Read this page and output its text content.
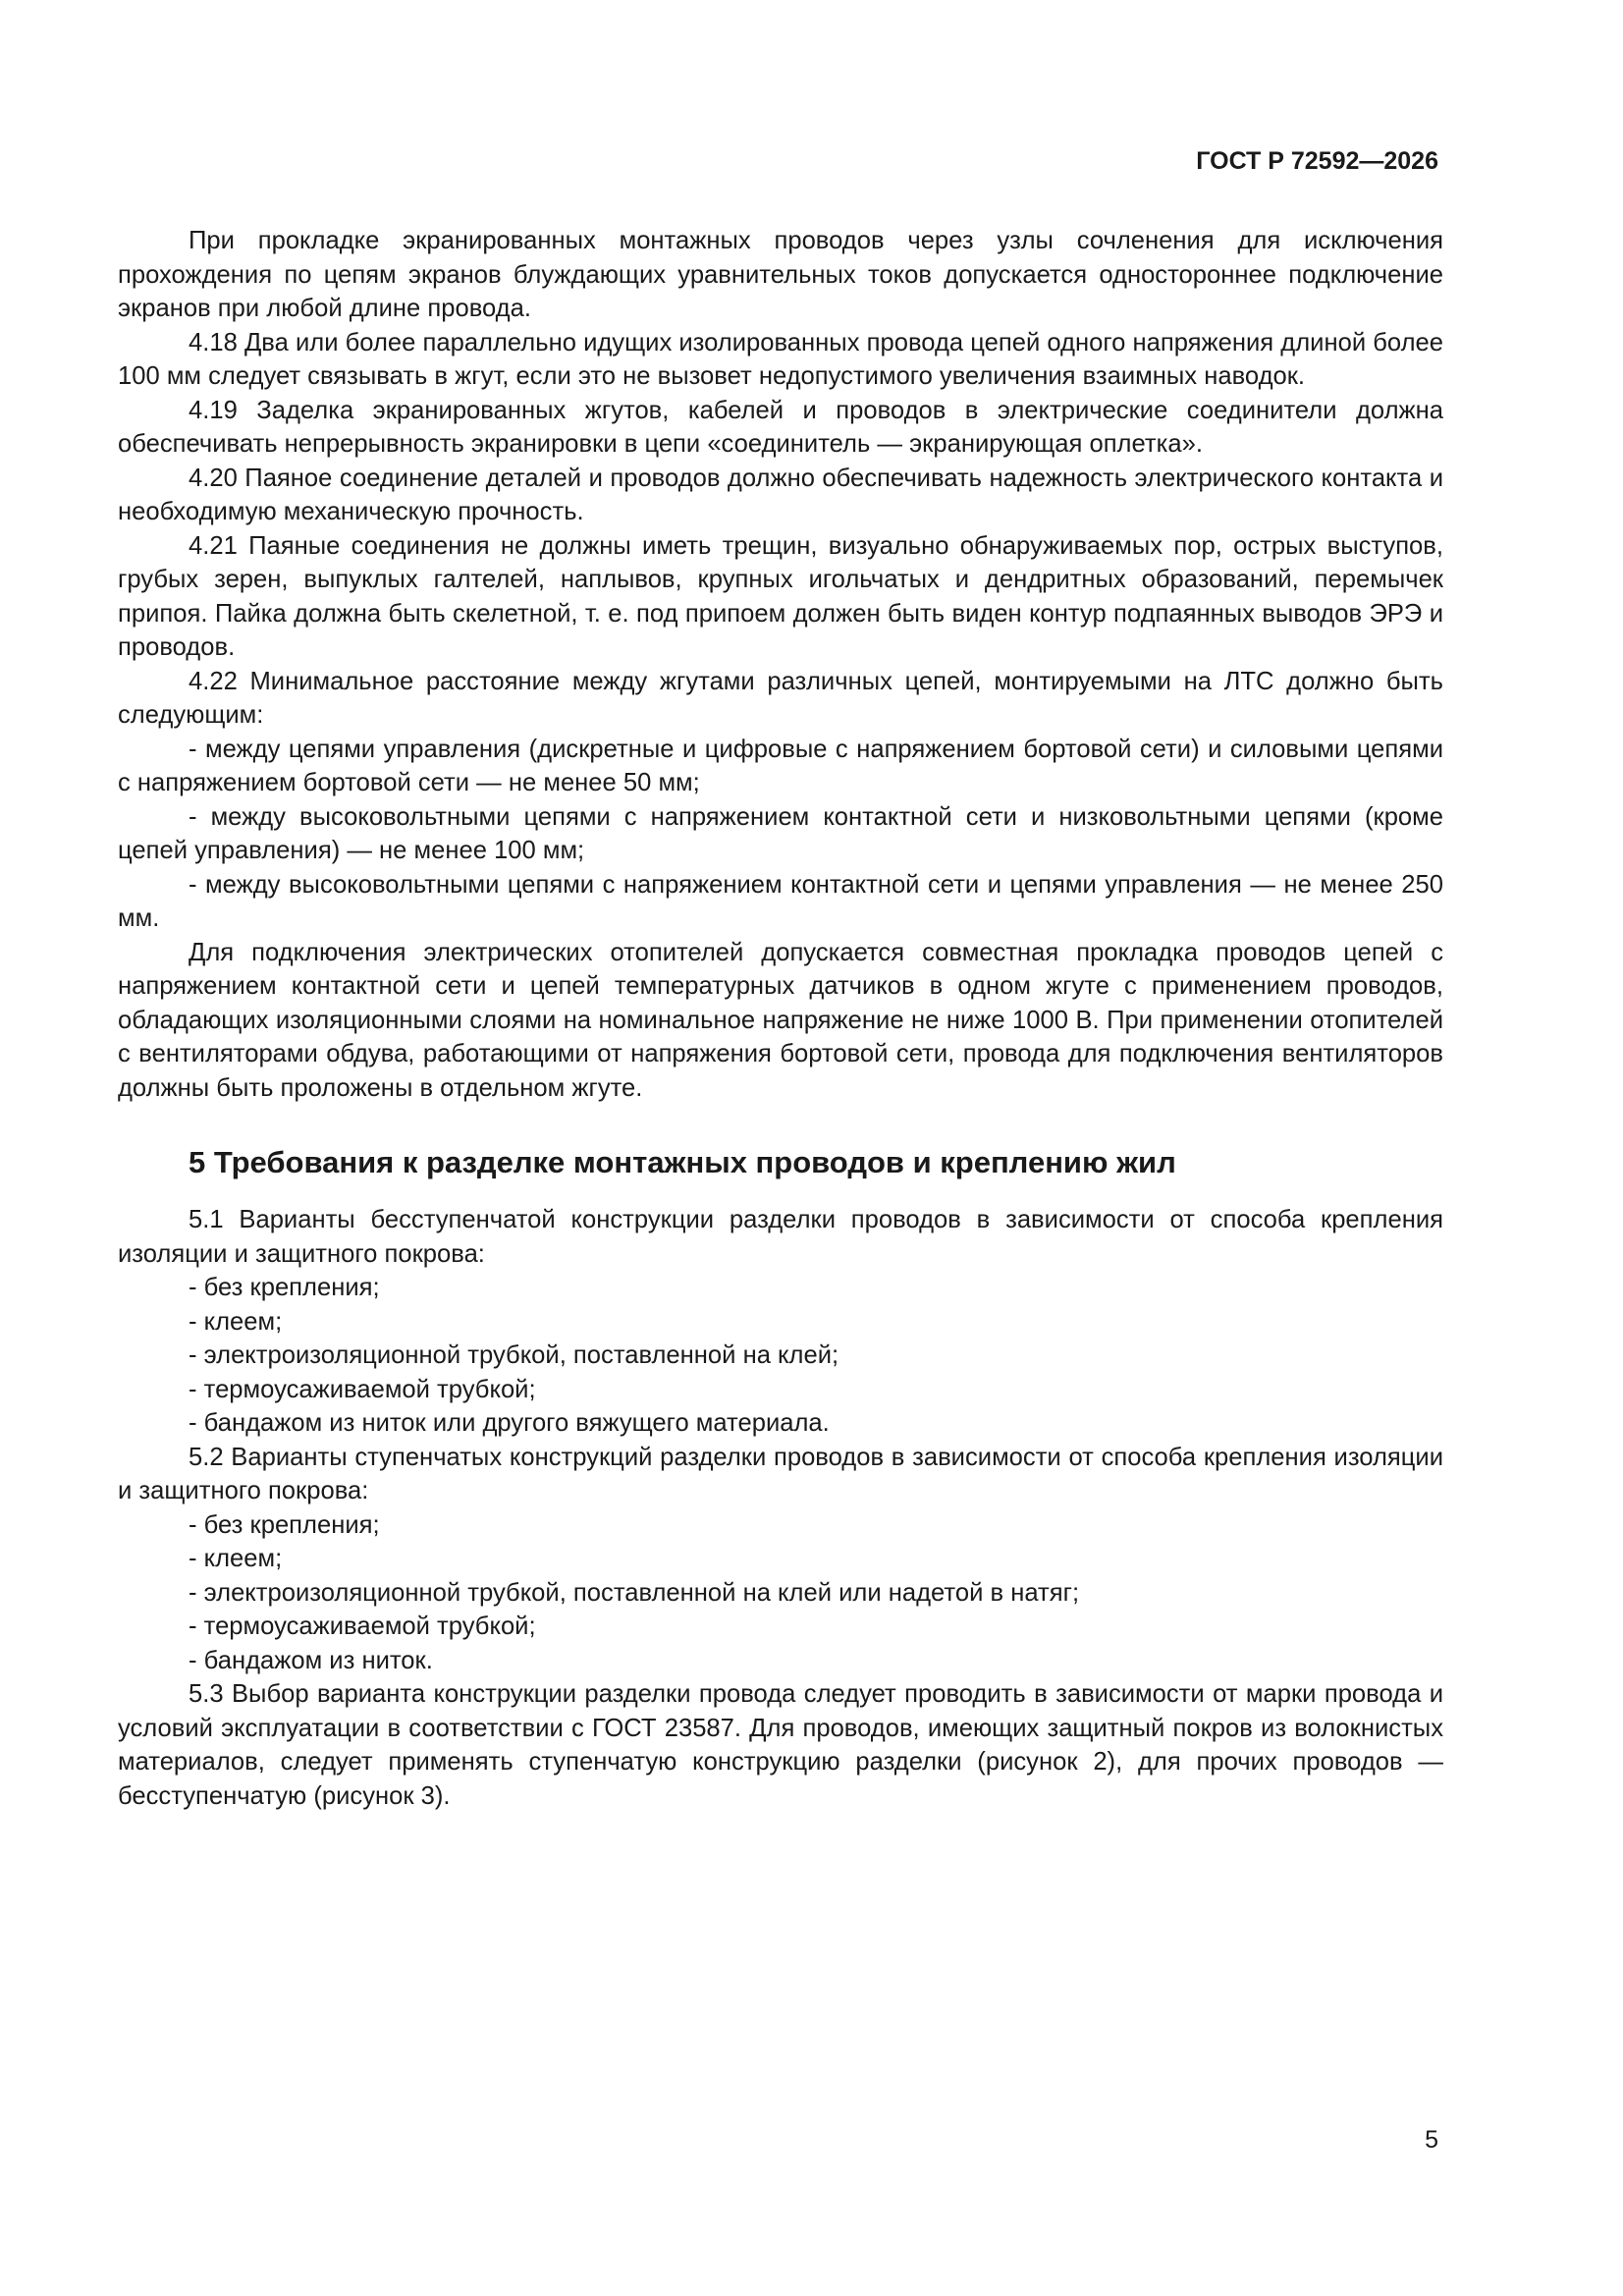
ГОСТ Р 72592—2026

При прокладке экранированных монтажных проводов через узлы сочленения для исключения прохождения по цепям экранов блуждающих уравнительных токов допускается одностороннее подключение экранов при любой длине провода.

4.18 Два или более параллельно идущих изолированных провода цепей одного напряжения длиной более 100 мм следует связывать в жгут, если это не вызовет недопустимого увеличения взаимных наводок.

4.19 Заделка экранированных жгутов, кабелей и проводов в электрические соединители должна обеспечивать непрерывность экранировки в цепи «соединитель — экранирующая оплетка».

4.20 Паяное соединение деталей и проводов должно обеспечивать надежность электрического контакта и необходимую механическую прочность.

4.21 Паяные соединения не должны иметь трещин, визуально обнаруживаемых пор, острых выступов, грубых зерен, выпуклых галтелей, наплывов, крупных игольчатых и дендритных образований, перемычек припоя. Пайка должна быть скелетной, т. е. под припоем должен быть виден контур подпаянных выводов ЭРЭ и проводов.

4.22 Минимальное расстояние между жгутами различных цепей, монтируемыми на ЛТС должно быть следующим:

- между цепями управления (дискретные и цифровые с напряжением бортовой сети) и силовыми цепями с напряжением бортовой сети — не менее 50 мм;

- между высоковольтными цепями с напряжением контактной сети и низковольтными цепями (кроме цепей управления) — не менее 100 мм;

- между высоковольтными цепями с напряжением контактной сети и цепями управления — не менее 250 мм.

Для подключения электрических отопителей допускается совместная прокладка проводов цепей с напряжением контактной сети и цепей температурных датчиков в одном жгуте с применением проводов, обладающих изоляционными слоями на номинальное напряжение не ниже 1000 В. При применении отопителей с вентиляторами обдува, работающими от напряжения бортовой сети, провода для подключения вентиляторов должны быть проложены в отдельном жгуте.

5 Требования к разделке монтажных проводов и креплению жил

5.1 Варианты бесступенчатой конструкции разделки проводов в зависимости от способа крепления изоляции и защитного покрова:

- без крепления;

- клеем;

- электроизоляционной трубкой, поставленной на клей;

- термоусаживаемой трубкой;

- бандажом из ниток или другого вяжущего материала.

5.2 Варианты ступенчатых конструкций разделки проводов в зависимости от способа крепления изоляции и защитного покрова:

- без крепления;

- клеем;

- электроизоляционной трубкой, поставленной на клей или надетой в натяг;

- термоусаживаемой трубкой;

- бандажом из ниток.

5.3 Выбор варианта конструкции разделки провода следует проводить в зависимости от марки провода и условий эксплуатации в соответствии с ГОСТ 23587. Для проводов, имеющих защитный покров из волокнистых материалов, следует применять ступенчатую конструкцию разделки (рисунок 2), для прочих проводов — бесступенчатую (рисунок 3).

5
